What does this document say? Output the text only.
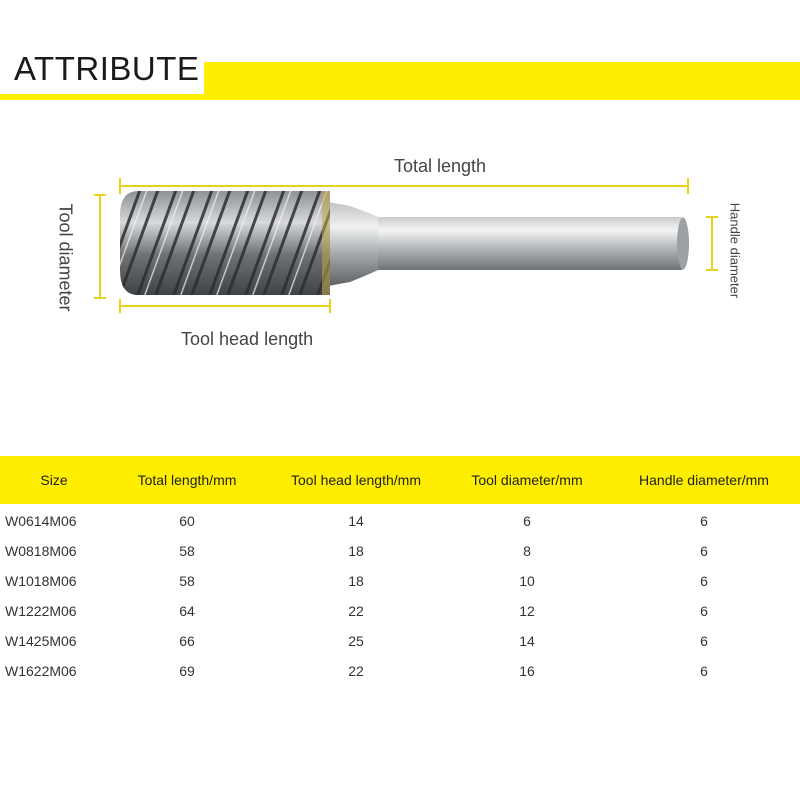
ATTRIBUTE
Total length
Tool head length
Tool diameter	Handle diameter
Size	Total length/mm	Tool head length/mm	Tool diameter/mm	Handle diameter/mm
W0614M06	60	14	6	6
W0818M06	58	18	8	6
W1018M06	58	18	10	6
W1222M06	64	22	12	6
W1425M06	66	25	14	6
W1622M06	69	22	16	6
